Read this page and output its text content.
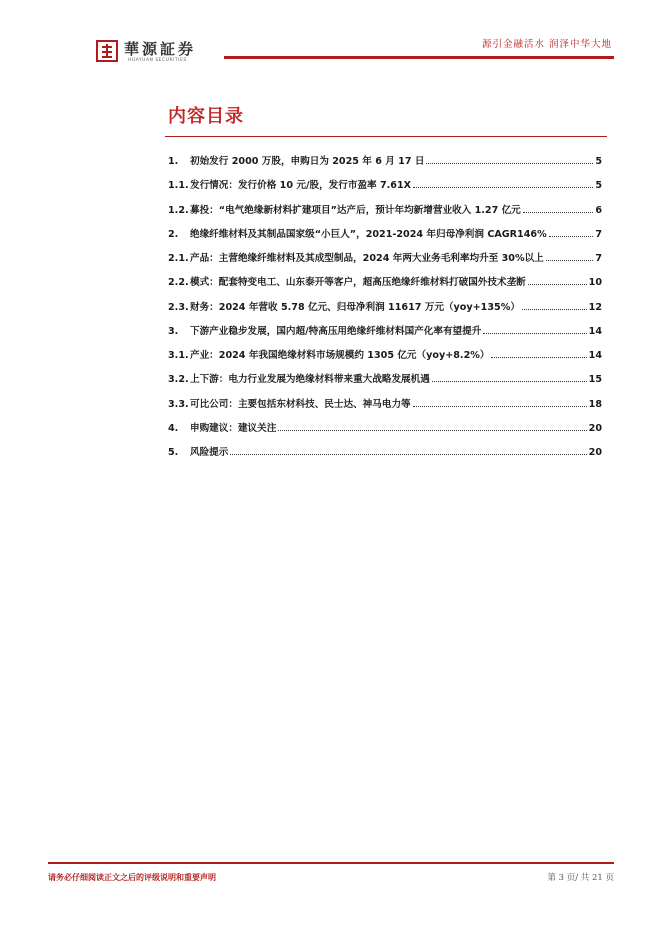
華源証券
HUAYUAN SECURITIES
源引金融活水 润泽中华大地
内容目录
1.	初始发行 2000 万股，申购日为 2025 年 6 月 17 日	5
1.1. 发行情况：发行价格 10 元/股，发行市盈率 7.61X	5
1.2. 募投：“电气绝缘新材料扩建项目”达产后，预计年均新增营业收入 1.27 亿元	6
2.	绝缘纤维材料及其制品国家级“小巨人”，2021-2024 年归母净利润 CAGR146%	7
2.1. 产品：主营绝缘纤维材料及其成型制品，2024 年两大业务毛利率均升至 30%以上	7
2.2. 模式：配套特变电工、山东泰开等客户，超高压绝缘纤维材料打破国外技术垄断	10
2.3. 财务：2024 年营收 5.78 亿元、归母净利润 11617 万元（yoy+135%）	12
3.	下游产业稳步发展，国内超/特高压用绝缘纤维材料国产化率有望提升	14
3.1. 产业：2024 年我国绝缘材料市场规模约 1305 亿元（yoy+8.2%）	14
3.2. 上下游：电力行业发展为绝缘材料带来重大战略发展机遇	15
3.3. 可比公司：主要包括东材科技、民士达、神马电力等	18
4.	申购建议：建议关注	20
5.	风险提示	20
请务必仔细阅读正文之后的评级说明和重要声明	第 3 页/ 共 21 页
